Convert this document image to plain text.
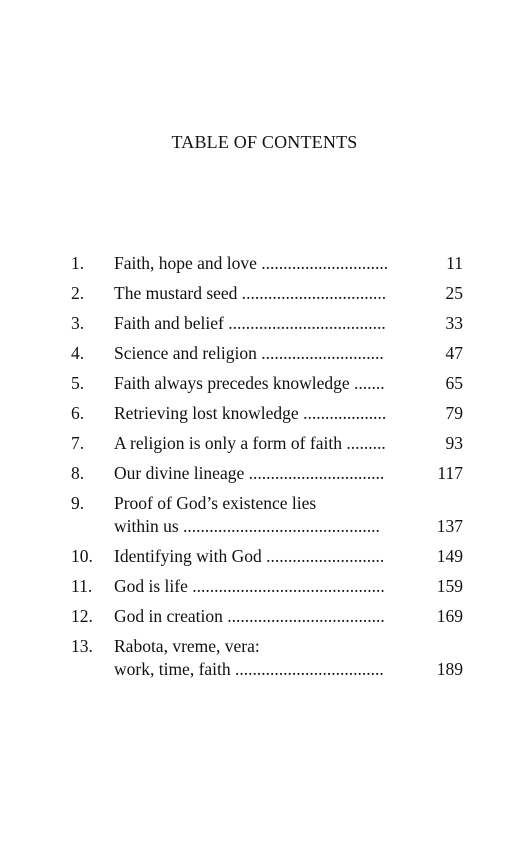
TABLE OF CONTENTS
1. Faith, hope and love .............................	11
2. The mustard seed .................................	25
3. Faith and belief ....................................	33
4. Science and religion ............................	47
5. Faith always precedes knowledge .......	65
6. Retrieving lost knowledge ...................	79
7. A religion is only a form of faith .........	93
8. Our divine lineage ...............................	117
9. Proof of God’s existence lies
within us .............................................	137
10. Identifying with God ...........................	149
11. God is life ............................................	159
12. God in creation ....................................	169
13. Rabota, vreme, vera:
work, time, faith ..................................	189
